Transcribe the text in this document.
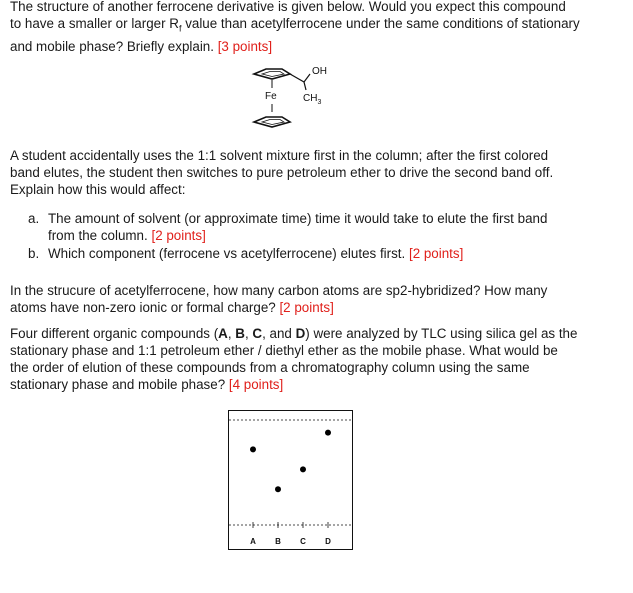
The structure of another ferrocene derivative is given below. Would you expect this compound
to have a smaller or larger $R_f$ value than acetylferrocene under the same conditions of stationary
and mobile phase? Briefly explain. [3 points]
OH
Fe	$CH_3$
A student accidentally uses the 1:1 solvent mixture first in the column; after the first colored
band elutes, the student then switches to pure petroleum ether to drive the second band off.
Explain how this would affect:
a. The amount of solvent (or approximate time) time it would take to elute the first band
from the column. [2 points]
b. Which component (ferrocene vs acetylferrocene) elutes first. [2 points]
In the strucure of acetylferrocene, how many carbon atoms are sp2-hybridized? How many
atoms have non-zero ionic or formal charge? [2 points]
Four different organic compounds (A, B, C, and D) were analyzed by TLC using silica gel as the
stationary phase and 1:1 petroleum ether / diethyl ether as the mobile phase. What would be
the order of elution of these compounds from a chromatography column using the same
stationary phase and mobile phase? [4 points]
A B C D
